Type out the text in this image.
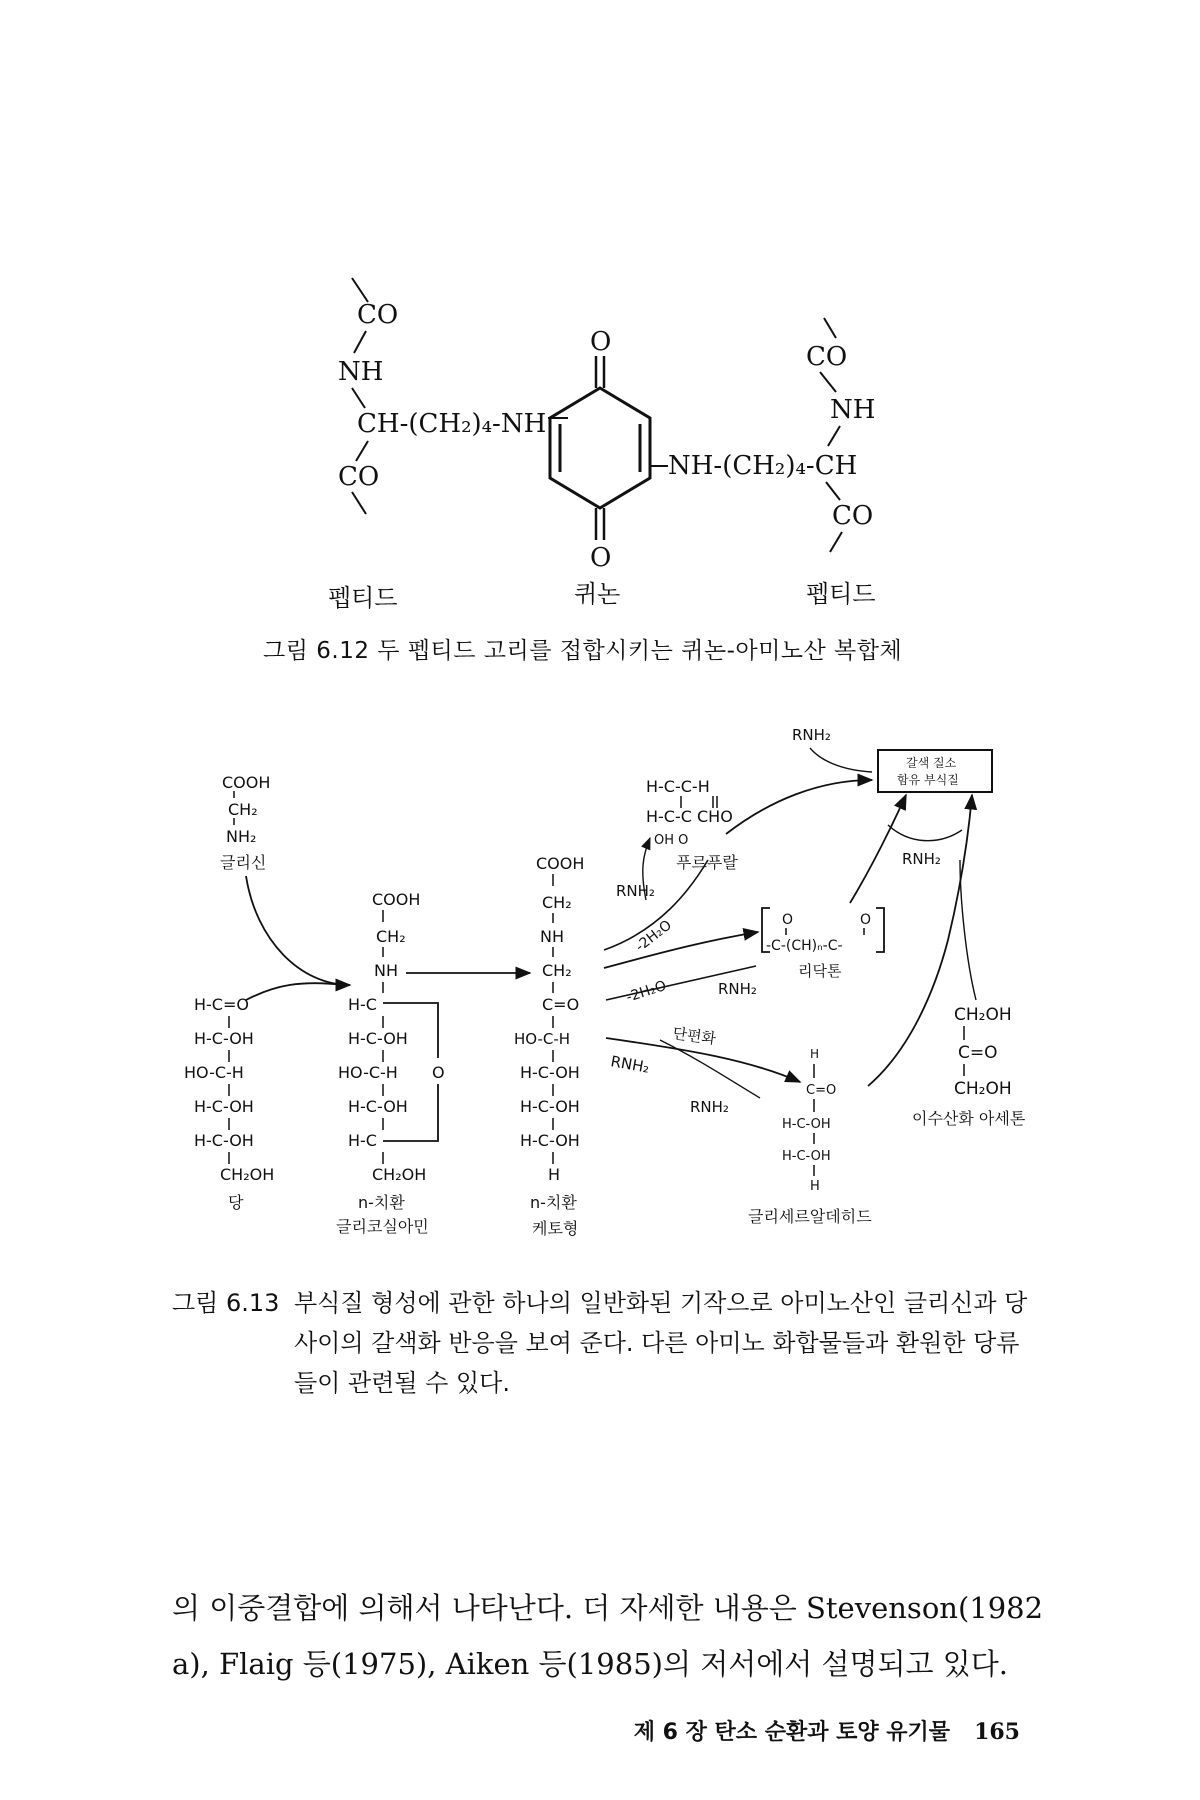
CO
NH
CH-(CH₂)₄-NH
CO
O
O
NH-(CH₂)₄-CH
CO
NH
CO
펩티드	퀴논	펩티드
COOH
CH₂
NH₂
글리신
H-C=O
H-C-OH
HO-C-H
H-C-OH
H-C-OH
CH₂OH
당
COOH
CH₂
NH
H-C
H-C-OH
HO-C-H
H-C-OH
H-C
CH₂OH
O
n-치환
글리코실아민
COOH
CH₂
NH
CH₂
C=O
HO-C-H
H-C-OH
H-C-OH
H-C-OH
H
n-치환
케토형
H-C-C-H
H-C-C CHO
OH O
푸르푸랄
갈색 질소
함유 부식질
O	O
-C-(CH)ₙ-C-
리닥톤
H
C=O
H-C-OH
H-C-OH
H
글리세르알데히드
CH₂OH
C=O
CH₂OH
이수산화 아세톤
RNH₂
RNH₂
RNH₂
RNH₂
RNH₂
RNH₂
-2H₂O
-2H₂O
단편화
그림 6.12 두 펩티드 고리를 접합시키는 퀴논-아미노산 복합체
그림 6.13 부식질 형성에 관한 하나의 일반화된 기작으로 아미노산인 글리신과 당 사이의 갈색화 반응을 보여 준다. 다른 아미노 화합물들과 환원한 당류들이 관련될 수 있다.
의 이중결합에 의해서 나타난다. 더 자세한 내용은 Stevenson(1982 a), Flaig 등(1975), Aiken 등(1985)의 저서에서 설명되고 있다.
제 6 장 탄소 순환과 토양 유기물 165
